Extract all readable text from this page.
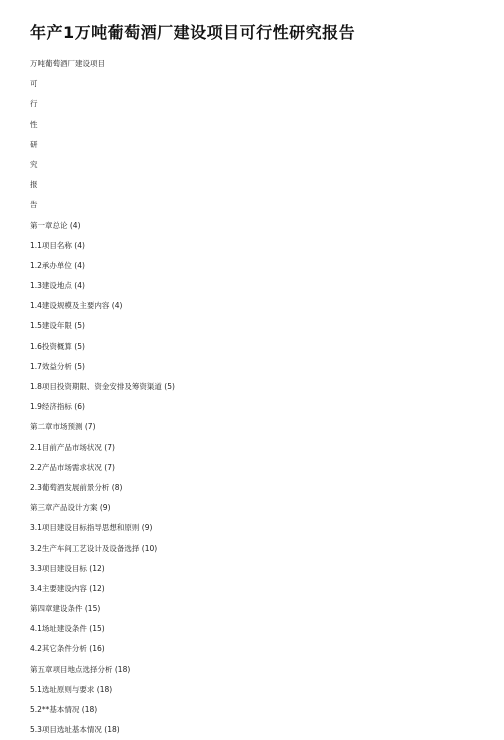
年产1万吨葡萄酒厂建设项目可行性研究报告
万吨葡萄酒厂建设项目
可
行
性
研
究
报
告
第一章总论 (4)
1.1项目名称 (4)
1.2承办单位 (4)
1.3建设地点 (4)
1.4建设规模及主要内容 (4)
1.5建设年限 (5)
1.6投资概算 (5)
1.7效益分析 (5)
1.8项目投资期限、资金安排及筹资渠道 (5)
1.9经济指标 (6)
第二章市场预测 (7)
2.1目前产品市场状况 (7)
2.2产品市场需求状况 (7)
2.3葡萄酒发展前景分析 (8)
第三章产品设计方案 (9)
3.1项目建设目标指导思想和原则 (9)
3.2生产车间工艺设计及设备选择 (10)
3.3项目建设目标 (12)
3.4主要建设内容 (12)
第四章建设条件 (15)
4.1场址建设条件 (15)
4.2其它条件分析 (16)
第五章项目地点选择分析 (18)
5.1选址原则与要求 (18)
5.2**基本情况 (18)
5.3项目选址基本情况 (18)
